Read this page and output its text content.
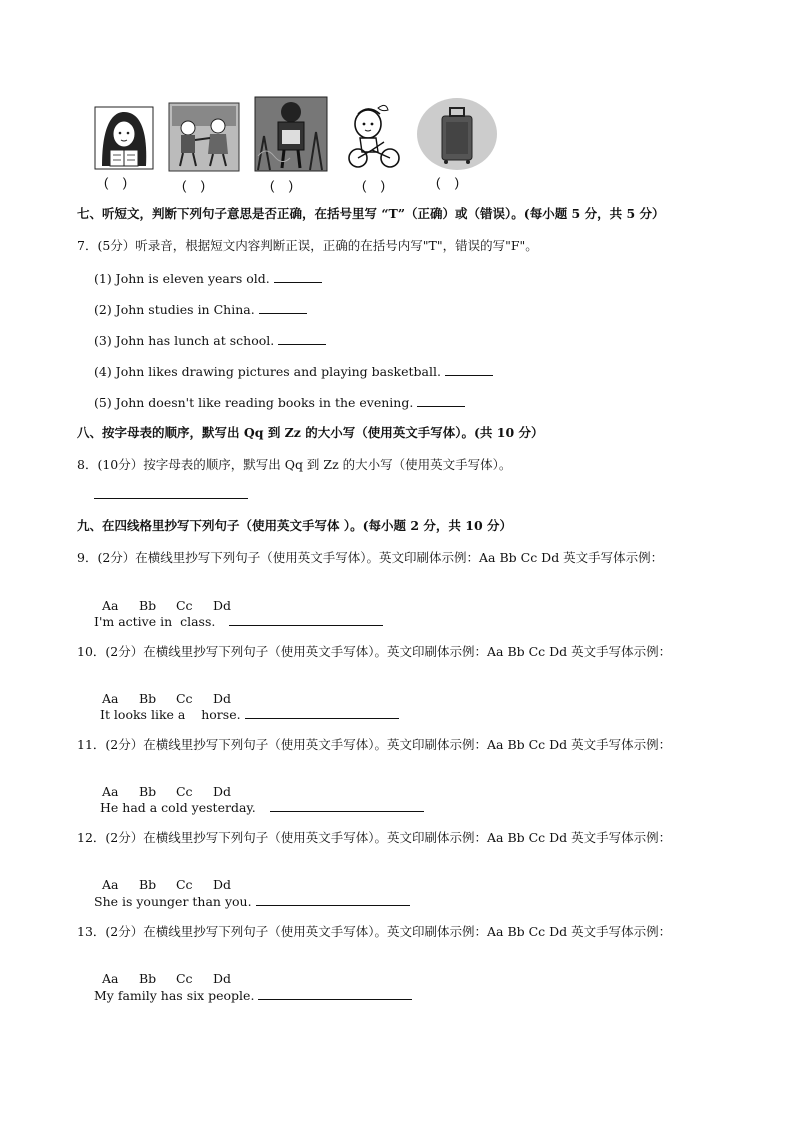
(    )	(    )	(    )	(    )	(    )
七、听短文，判断下列句子意思是否正确，在括号里写 “T”（正确）或（错误）。(每小题 5 分，共 5 分）
7．(5分）听录音，根据短文内容判断正误，正确的在括号内写"T"，错误的写"F"。
(1) John is eleven years old.
(2) John studies in China.
(3) John has lunch at school.
(4) John likes drawing pictures and playing basketball.
(5) John doesn't like reading books in the evening.
八、按字母表的顺序，默写出 Qq 到 Zz 的大小写（使用英文手写体）。(共 10 分）
8．(10分）按字母表的顺序，默写出 Qq 到 Zz 的大小写（使用英文手写体）。
九、在四线格里抄写下列句子（使用英文手写体 ）。(每小题 2 分，共 10 分）
9．(2分）在横线里抄写下列句子（使用英文手写体）。英文印刷体示例：Aa Bb Cc Dd 英文手写体示例：

Aa Bb Cc Dd

I'm active in  class.
10．(2分）在横线里抄写下列句子（使用英文手写体）。英文印刷体示例：Aa Bb Cc Dd 英文手写体示例：

Aa Bb Cc Dd

It looks like a    horse.
11．(2分）在横线里抄写下列句子（使用英文手写体）。英文印刷体示例：Aa Bb Cc Dd 英文手写体示例：

Aa Bb Cc Dd

He had a cold yesterday.
12．(2分）在横线里抄写下列句子（使用英文手写体）。英文印刷体示例：Aa Bb Cc Dd 英文手写体示例：

Aa Bb Cc Dd

She is younger than you.
13．(2分）在横线里抄写下列句子（使用英文手写体）。英文印刷体示例：Aa Bb Cc Dd 英文手写体示例：

Aa Bb Cc Dd

My family has six people.
